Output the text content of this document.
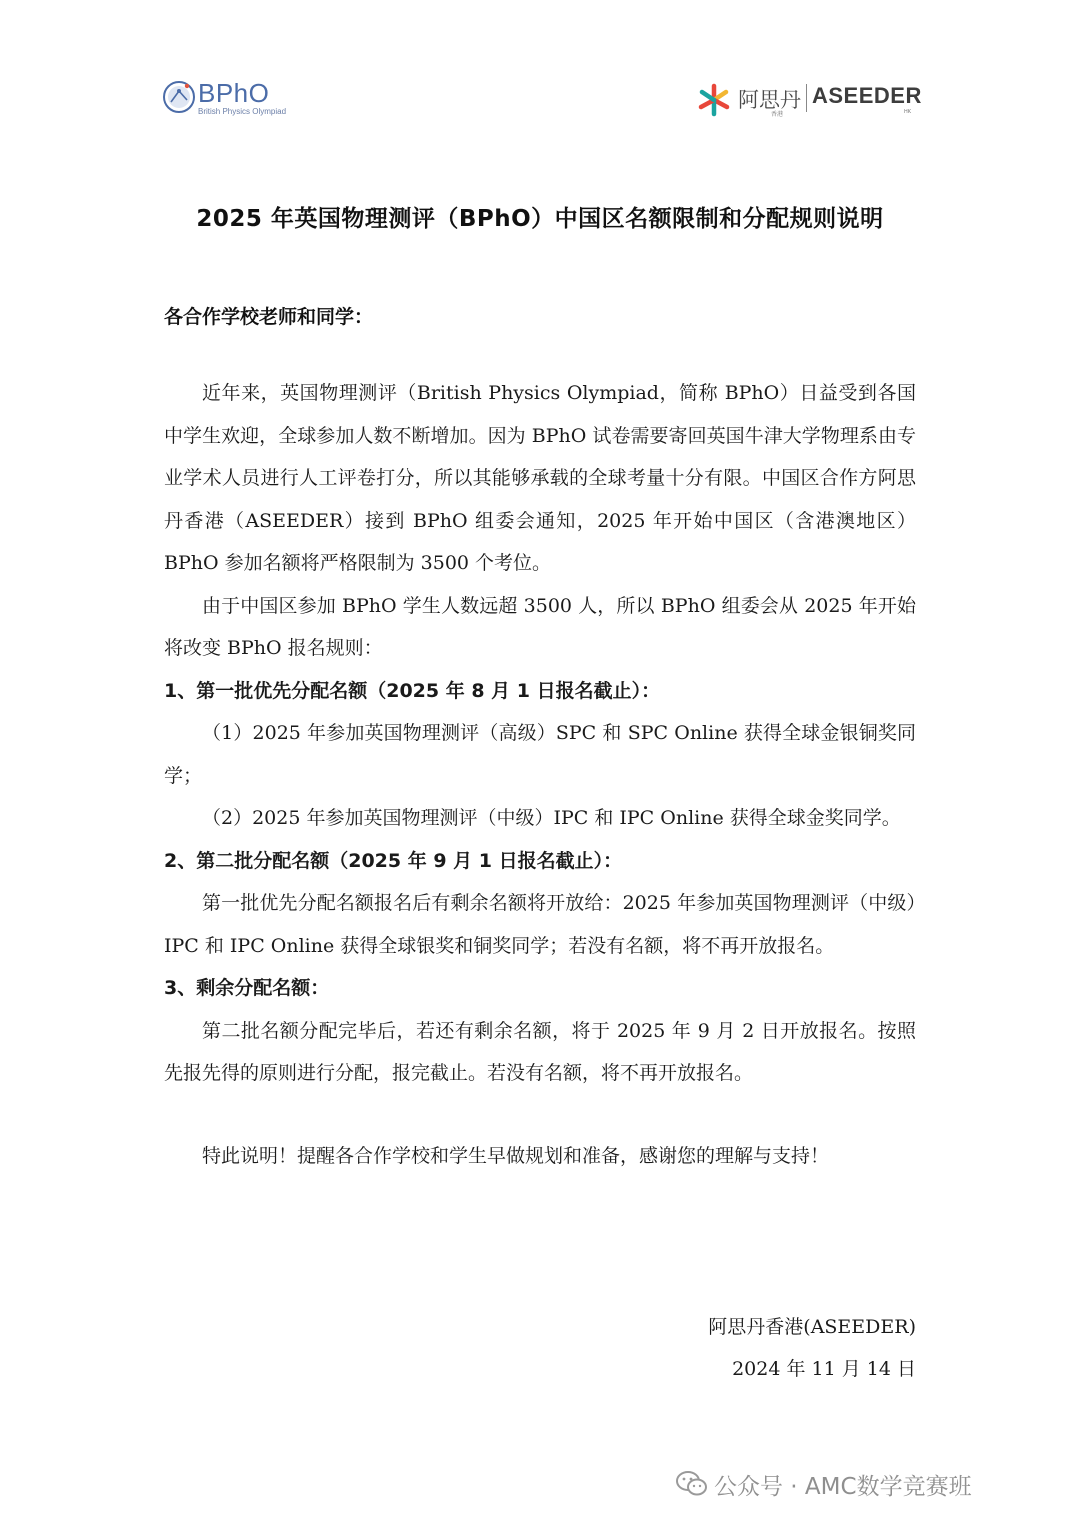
BPhO
British Physics Olympiad	阿思丹
香港
ASEEDER
HK
2025 年英国物理测评（BPhO）中国区名额限制和分配规则说明
各合作学校老师和同学：

近年来，英国物理测评（British Physics Olympiad，简称 BPhO）日益受到各国中学生欢迎，全球参加人数不断增加。因为 BPhO 试卷需要寄回英国牛津大学物理系由专业学术人员进行人工评卷打分，所以其能够承载的全球考量十分有限。中国区合作方阿思丹香港（ASEEDER）接到 BPhO 组委会通知，2025 年开始中国区（含港澳地区）BPhO 参加名额将严格限制为 3500 个考位。

由于中国区参加 BPhO 学生人数远超 3500 人，所以 BPhO 组委会从 2025 年开始将改变 BPhO 报名规则：

1、第一批优先分配名额（2025 年 8 月 1 日报名截止）：

（1）2025 年参加英国物理测评（高级）SPC 和 SPC Online 获得全球金银铜奖同学；

（2）2025 年参加英国物理测评（中级）IPC 和 IPC Online 获得全球金奖同学。

2、第二批分配名额（2025 年 9 月 1 日报名截止）：

第一批优先分配名额报名后有剩余名额将开放给：2025 年参加英国物理测评（中级）IPC 和 IPC Online 获得全球银奖和铜奖同学；若没有名额，将不再开放报名。

3、剩余分配名额：

第二批名额分配完毕后，若还有剩余名额，将于 2025 年 9 月 2 日开放报名。按照先报先得的原则进行分配，报完截止。若没有名额，将不再开放报名。

特此说明！提醒各合作学校和学生早做规划和准备，感谢您的理解与支持！

阿思丹香港(ASEEDER)
2024 年 11 月 14 日
公众号 · AMC数学竞赛班
